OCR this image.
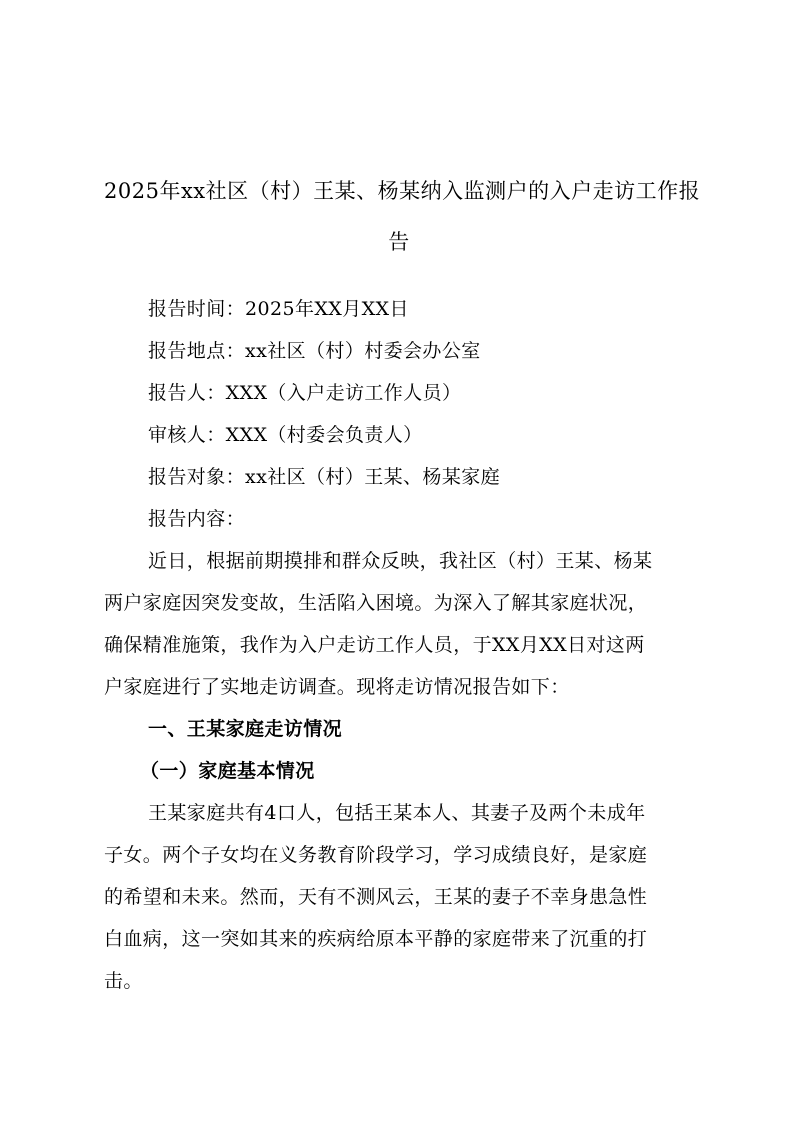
2025年xx社区（村）王某、杨某纳入监测户的入户走访工作报
告
报告时间：2025年XX月XX日
报告地点：xx社区（村）村委会办公室
报告人：XXX（入户走访工作人员）
审核人：XXX（村委会负责人）
报告对象：xx社区（村）王某、杨某家庭
报告内容：
近日，根据前期摸排和群众反映，我社区（村）王某、杨某
两户家庭因突发变故，生活陷入困境。为深入了解其家庭状况，
确保精准施策，我作为入户走访工作人员，于XX月XX日对这两
户家庭进行了实地走访调查。现将走访情况报告如下：
一、王某家庭走访情况
（一）家庭基本情况
王某家庭共有4口人，包括王某本人、其妻子及两个未成年
子女。两个子女均在义务教育阶段学习，学习成绩良好，是家庭
的希望和未来。然而，天有不测风云，王某的妻子不幸身患急性
白血病，这一突如其来的疾病给原本平静的家庭带来了沉重的打
击。
